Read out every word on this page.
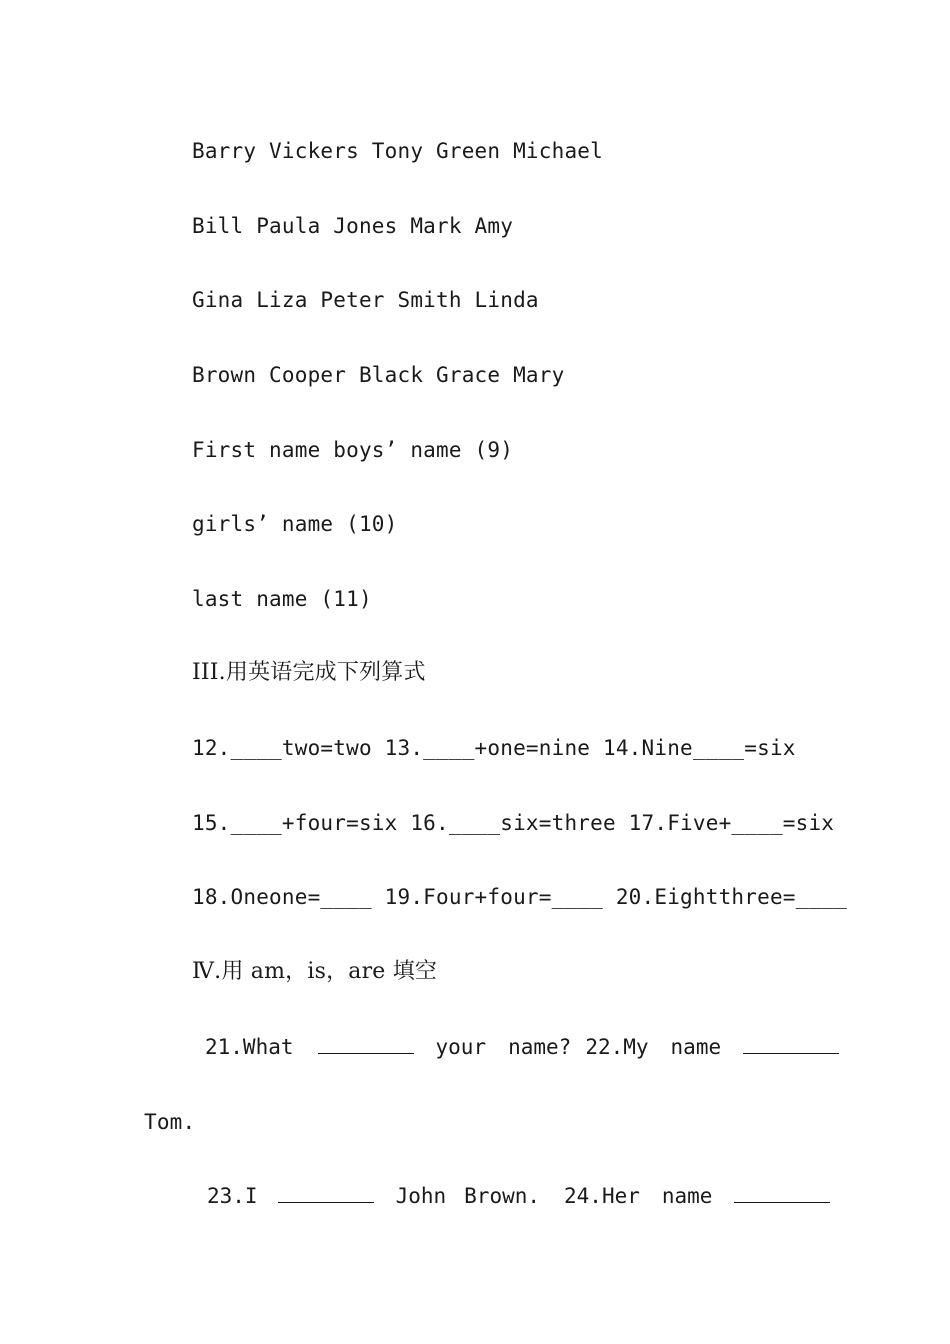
Barry Vickers Tony Green Michael
Bill Paula Jones Mark Amy
Gina Liza Peter Smith Linda
Brown Cooper Black Grace Mary
First name boys’ name (9)
girls’ name (10)
last name (11)
III.用英语完成下列算式
12.____two=two 13.____+one=nine 14.Nine____=six
15.____+four=six 16.____six=three 17.Five+____=six
18.Oneone=____ 19.Four+four=____ 20.Eightthree=____
Ⅳ.用 am，is，are 填空
21.What	your name? 22.My name
Tom.
23.I	John Brown. 24.Her name
